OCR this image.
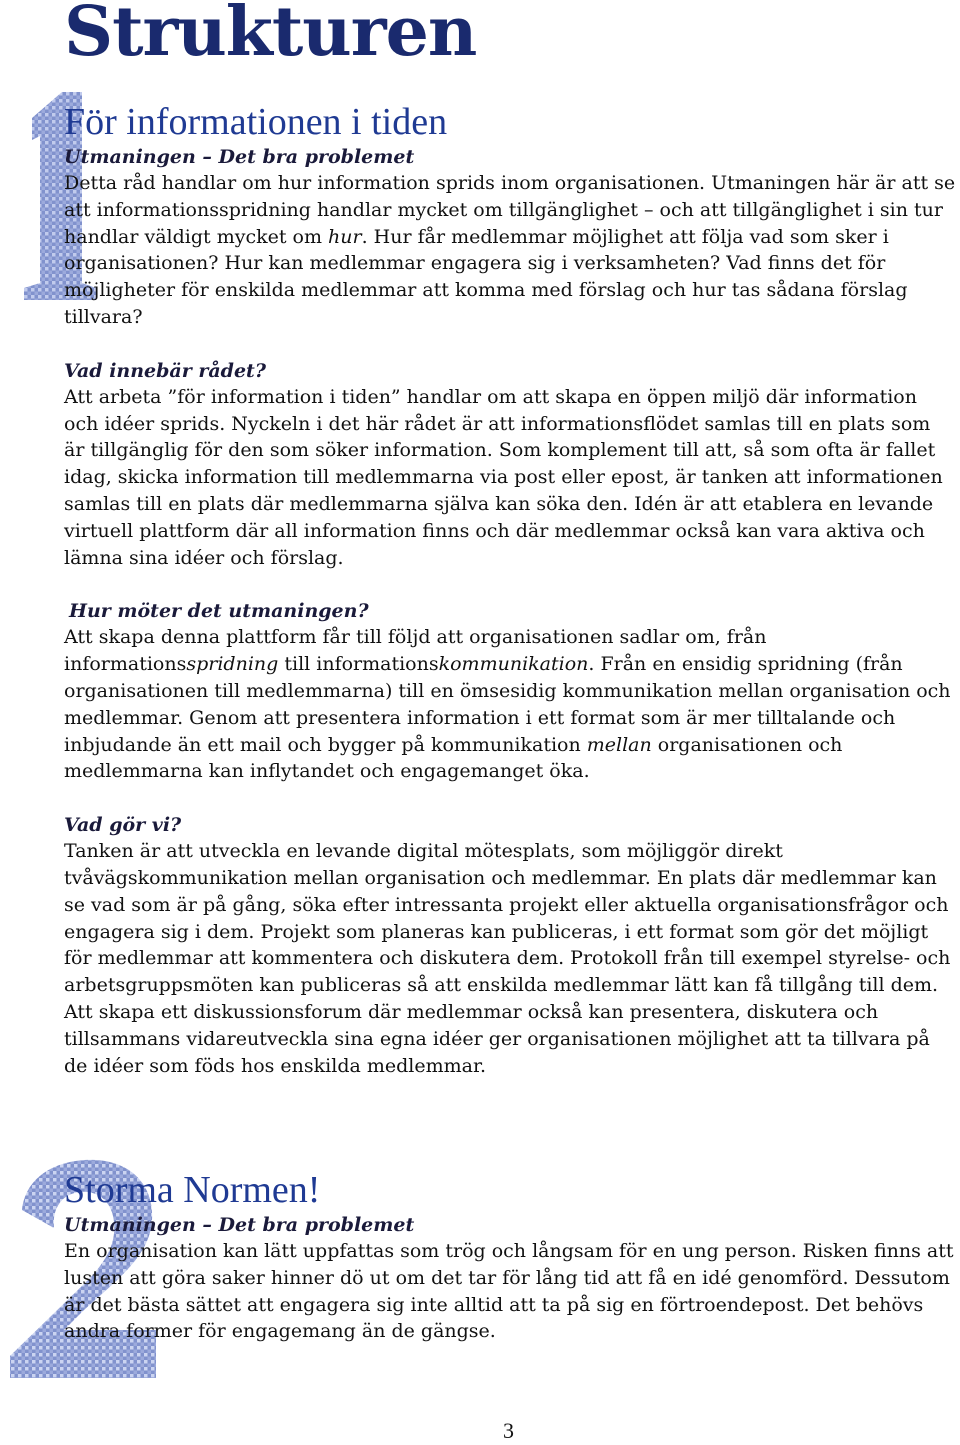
Strukturen
För informationen i tiden
Utmaningen – Det bra problemet

Detta råd handlar om hur information sprids inom organisationen. Utmaningen här är att se att informationsspridning handlar mycket om tillgänglighet – och att tillgänglighet i sin tur handlar väldigt mycket om hur. Hur får medlemmar möjlighet att följa vad som sker i organisationen? Hur kan medlemmar engagera sig i verksamheten? Vad finns det för möjligheter för enskilda medlemmar att komma med förslag och hur tas sådana förslag tillvara?

Vad innebär rådet?

Att arbeta ”för information i tiden” handlar om att skapa en öppen miljö där information och idéer sprids. Nyckeln i det här rådet är att informationsflödet samlas till en plats som är tillgänglig för den som söker information. Som komplement till att, så som ofta är fallet idag, skicka information till medlemmarna via post eller epost, är tanken att informationen samlas till en plats där medlemmarna själva kan söka den. Idén är att etablera en levande virtuell plattform där all information finns och där medlemmar också kan vara aktiva och lämna sina idéer och förslag.

Hur möter det utmaningen?

Att skapa denna plattform får till följd att organisationen sadlar om, från informationsspridning till informationskommunikation. Från en ensidig spridning (från organisationen till medlemmarna) till en ömsesidig kommunikation mellan organisation och medlemmar. Genom att presentera information i ett format som är mer tilltalande och inbjudande än ett mail och bygger på kommunikation mellan organisationen och medlemmarna kan inflytandet och engagemanget öka.

Vad gör vi?

Tanken är att utveckla en levande digital mötesplats, som möjliggör direkt tvåvägskommunikation mellan organisation och medlemmar. En plats där medlemmar kan se vad som är på gång, söka efter intressanta projekt eller aktuella organisationsfrågor och engagera sig i dem. Projekt som planeras kan publiceras, i ett format som gör det möjligt för medlemmar att kommentera och diskutera dem. Protokoll från till exempel styrelse- och arbetsgruppsmöten kan publiceras så att enskilda medlemmar lätt kan få tillgång till dem. Att skapa ett diskussionsforum där medlemmar också kan presentera, diskutera och tillsammans vidareutveckla sina egna idéer ger organisationen möjlighet att ta tillvara på de idéer som föds hos enskilda medlemmar.

Storma Normen!
Utmaningen – Det bra problemet

En organisation kan lätt uppfattas som trög och långsam för en ung person. Risken finns att lusten att göra saker hinner dö ut om det tar för lång tid att få en idé genomförd. Dessutom är det bästa sättet att engagera sig inte alltid att ta på sig en förtroendepost. Det behövs andra former för engagemang än de gängse.

3
